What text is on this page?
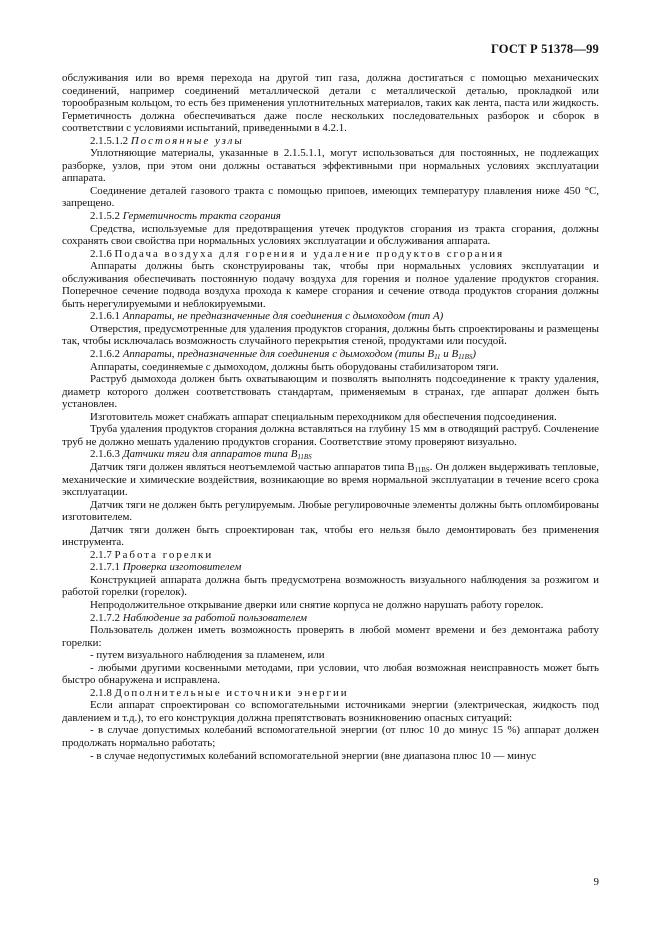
ГОСТ Р 51378—99

обслуживания или во время перехода на другой тип газа, должна достигаться с помощью механических соединений, например соединений металлической детали с металлической деталью, прокладкой или торообразным кольцом, то есть без применения уплотнительных материалов, таких как лента, паста или жидкость. Герметичность должна обеспечиваться даже после нескольких последовательных разборок и сборок в соответствии с условиями испытаний, приведенными в 4.2.1.

2.1.5.1.2 Постоянные узлы

Уплотняющие материалы, указанные в 2.1.5.1.1, могут использоваться для постоянных, не подлежащих разборке, узлов, при этом они должны оставаться эффективными при нормальных условиях эксплуатации аппарата.

Соединение деталей газового тракта с помощью припоев, имеющих температуру плавления ниже 450 °С, запрещено.

2.1.5.2 Герметичность тракта сгорания

Средства, используемые для предотвращения утечек продуктов сгорания из тракта сгорания, должны сохранять свои свойства при нормальных условиях эксплуатации и обслуживания аппарата.

2.1.6 Подача воздуха для горения и удаление продуктов сгорания

Аппараты должны быть сконструированы так, чтобы при нормальных условиях эксплуатации и обслуживания обеспечивать постоянную подачу воздуха для горения и полное удаление продуктов сгорания. Поперечное сечение подвода воздуха прохода к камере сгорания и сечение отвода продуктов сгорания должны быть нерегулируемыми и неблокируемыми.

2.1.6.1 Аппараты, не предназначенные для соединения с дымоходом (тип А)

Отверстия, предусмотренные для удаления продуктов сгорания, должны быть спроектированы и размещены так, чтобы исключалась возможность случайного перекрытия стеной, продуктами или посудой.

2.1.6.2 Аппараты, предназначенные для соединения с дымоходом (типы $B_{11}$ и $B_{11BS}$)

Аппараты, соединяемые с дымоходом, должны быть оборудованы стабилизатором тяги.

Раструб дымохода должен быть охватывающим и позволять выполнять подсоединение к тракту удаления, диаметр которого должен соответствовать стандартам, применяемым в странах, где аппарат должен быть установлен.

Изготовитель может снабжать аппарат специальным переходником для обеспечения подсоединения.

Труба удаления продуктов сгорания должна вставляться на глубину 15 мм в отводящий раструб. Сочленение труб не должно мешать удалению продуктов сгорания. Соответствие этому проверяют визуально.

2.1.6.3 Датчики тяги для аппаратов типа $B_{11BS}$

Датчик тяги должен являться неотъемлемой частью аппаратов типа $B_{11BS}$. Он должен выдерживать тепловые, механические и химические воздействия, возникающие во время нормальной эксплуатации в течение всего срока эксплуатации.

Датчик тяги не должен быть регулируемым. Любые регулировочные элементы должны быть опломбированы изготовителем.

Датчик тяги должен быть спроектирован так, чтобы его нельзя было демонтировать без применения инструмента.

2.1.7 Работа горелки

2.1.7.1 Проверка изготовителем

Конструкцией аппарата должна быть предусмотрена возможность визуального наблюдения за розжигом и работой горелки (горелок).

Непродолжительное открывание дверки или снятие корпуса не должно нарушать работу горелок.

2.1.7.2 Наблюдение за работой пользователем

Пользователь должен иметь возможность проверять в любой момент времени и без демонтажа работу горелки:

- путем визуального наблюдения за пламенем, или

- любыми другими косвенными методами, при условии, что любая возможная неисправность может быть быстро обнаружена и исправлена.

2.1.8 Дополнительные источники энергии

Если аппарат спроектирован со вспомогательными источниками энергии (электрическая, жидкость под давлением и т.д.), то его конструкция должна препятствовать возникновению опасных ситуаций:

- в случае допустимых колебаний вспомогательной энергии (от плюс 10 до минус 15 %) аппарат должен продолжать нормально работать;

- в случае недопустимых колебаний вспомогательной энергии (вне диапазона плюс 10 — минус

9
